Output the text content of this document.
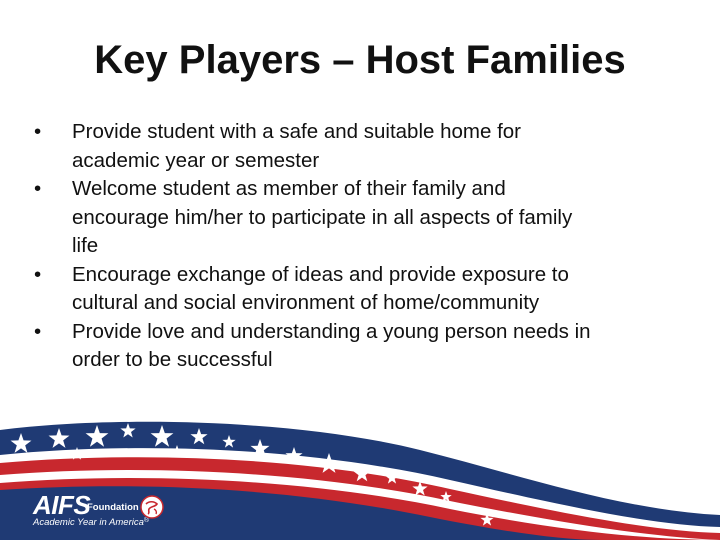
Key Players – Host Families
• Provide student with a safe and suitable home for
academic year or semester
• Welcome student as member of their family and
encourage him/her to participate in all aspects of family
life
• Encourage exchange of ideas and provide exposure to
cultural and social environment of home/community
• Provide love and understanding a young person needs in
order to be successful
AIFS
Foundation
Academic Year in America®
